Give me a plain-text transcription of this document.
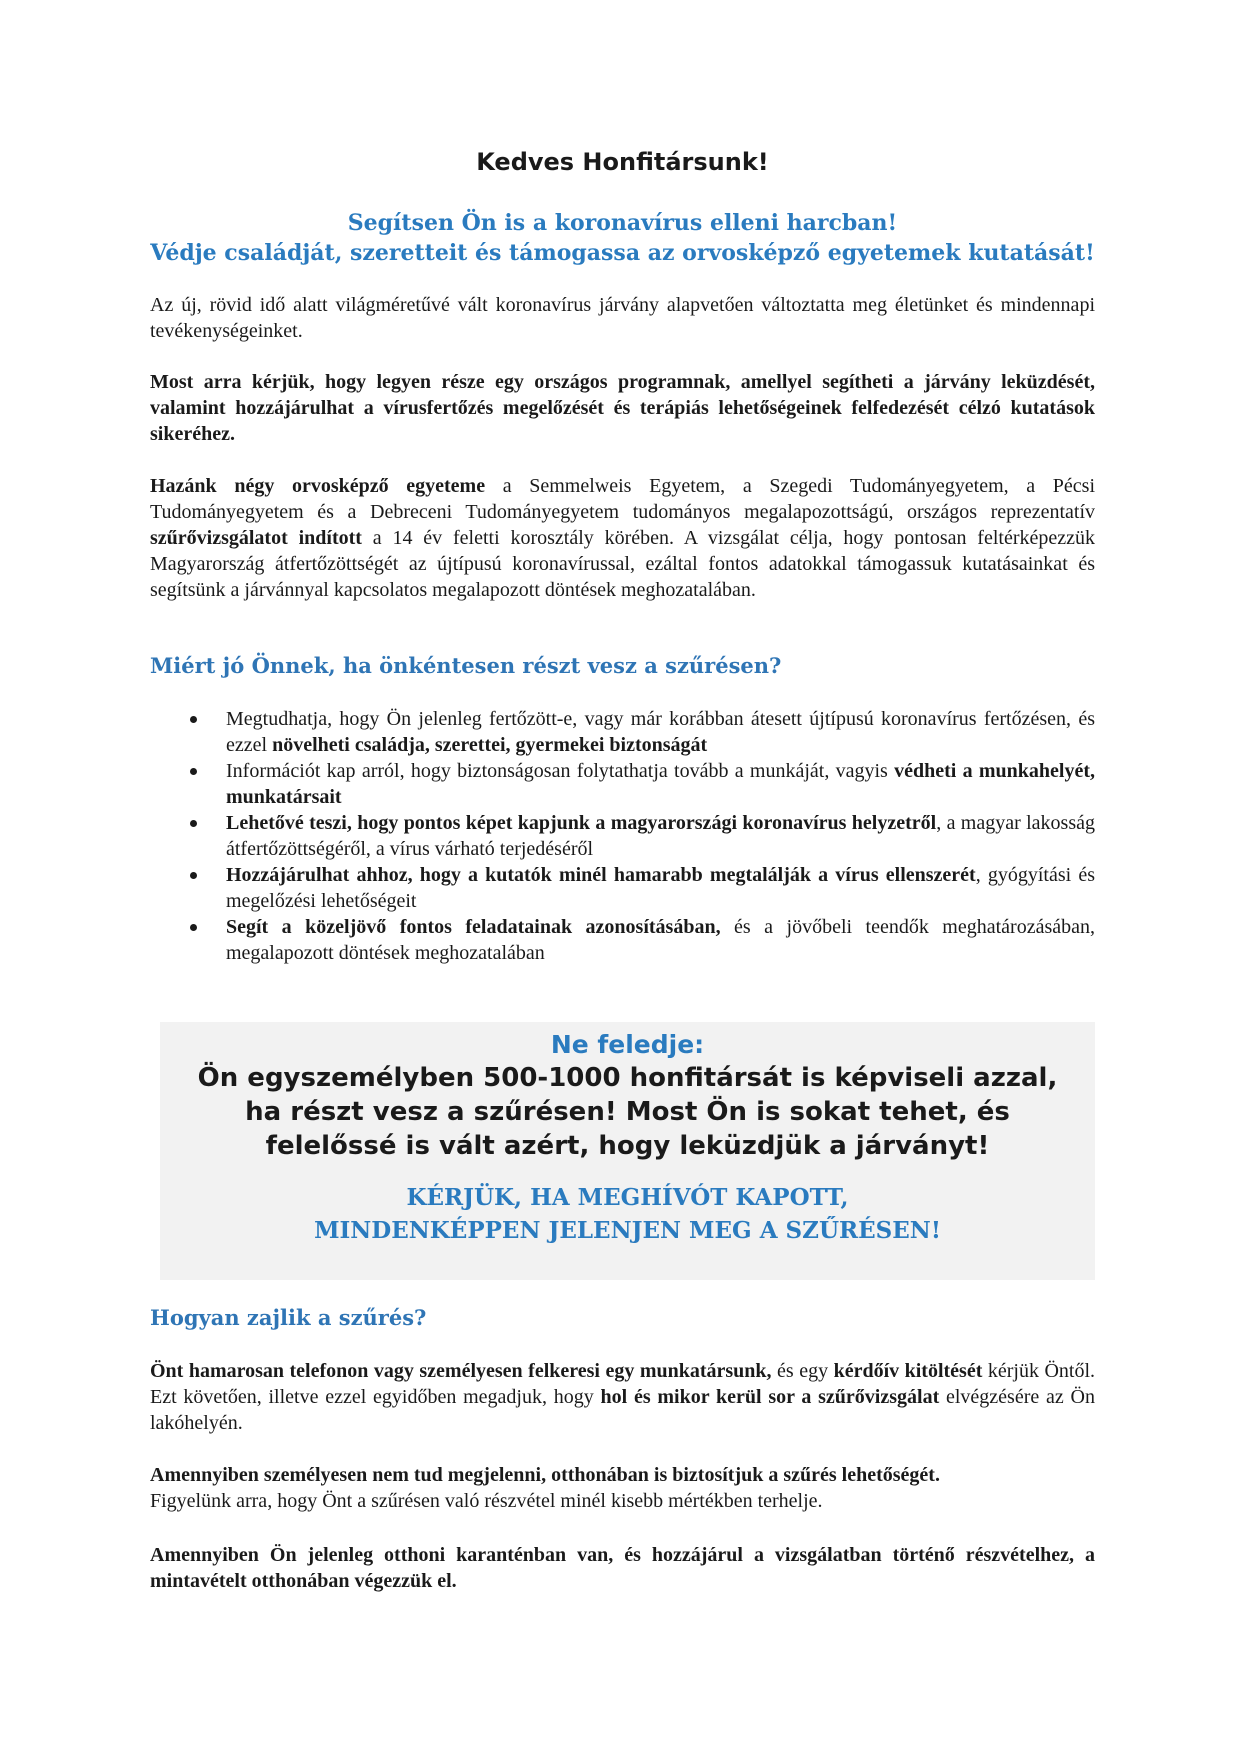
Kedves Honfitársunk!
Segítsen Ön is a koronavírus elleni harcban!
Védje családját, szeretteit és támogassa az orvosképző egyetemek kutatását!
Az új, rövid idő alatt világméretűvé vált koronavírus járvány alapvetően változtatta meg életünket és mindennapi tevékenységeinket.
Most arra kérjük, hogy legyen része egy országos programnak, amellyel segítheti a járvány leküzdését, valamint hozzájárulhat a vírusfertőzés megelőzését és terápiás lehetőségeinek felfedezését célzó kutatások sikeréhez.
Hazánk négy orvosképző egyeteme a Semmelweis Egyetem, a Szegedi Tudományegyetem, a Pécsi Tudományegyetem és a Debreceni Tudományegyetem tudományos megalapozottságú, országos reprezentatív szűrővizsgálatot indított a 14 év feletti korosztály körében. A vizsgálat célja, hogy pontosan feltérképezzük Magyarország átfertőzöttségét az újtípusú koronavírussal, ezáltal fontos adatokkal támogassuk kutatásainkat és segítsünk a járvánnyal kapcsolatos megalapozott döntések meghozatalában.
Miért jó Önnek, ha önkéntesen részt vesz a szűrésen?
Megtudhatja, hogy Ön jelenleg fertőzött-e, vagy már korábban átesett újtípusú koronavírus fertőzésen, és ezzel növelheti családja, szerettei, gyermekei biztonságát
Információt kap arról, hogy biztonságosan folytathatja tovább a munkáját, vagyis védheti a munkahelyét, munkatársait
Lehetővé teszi, hogy pontos képet kapjunk a magyarországi koronavírus helyzetről, a magyar lakosság átfertőzöttségéről, a vírus várható terjedéséről
Hozzájárulhat ahhoz, hogy a kutatók minél hamarabb megtalálják a vírus ellenszerét, gyógyítási és megelőzési lehetőségeit
Segít a közeljövő fontos feladatainak azonosításában, és a jövőbeli teendők meghatározásában, megalapozott döntések meghozatalában
Ne feledje:
Ön egyszemélyben 500-1000 honfitársát is képviseli azzal, ha részt vesz a szűrésen! Most Ön is sokat tehet, és felelőssé is vált azért, hogy leküzdjük a járványt!
KÉRJÜK, HA MEGHÍVÓT KAPOTT,
MINDENKÉPPEN JELENJEN MEG A SZŰRÉSEN!
Hogyan zajlik a szűrés?
Önt hamarosan telefonon vagy személyesen felkeresi egy munkatársunk, és egy kérdőív kitöltését kérjük Öntől. Ezt követően, illetve ezzel egyidőben megadjuk, hogy hol és mikor kerül sor a szűrővizsgálat elvégzésére az Ön lakóhelyén.
Amennyiben személyesen nem tud megjelenni, otthonában is biztosítjuk a szűrés lehetőségét.
Figyelünk arra, hogy Önt a szűrésen való részvétel minél kisebb mértékben terhelje.
Amennyiben Ön jelenleg otthoni karanténban van, és hozzájárul a vizsgálatban történő részvételhez, a mintavételt otthonában végezzük el.
